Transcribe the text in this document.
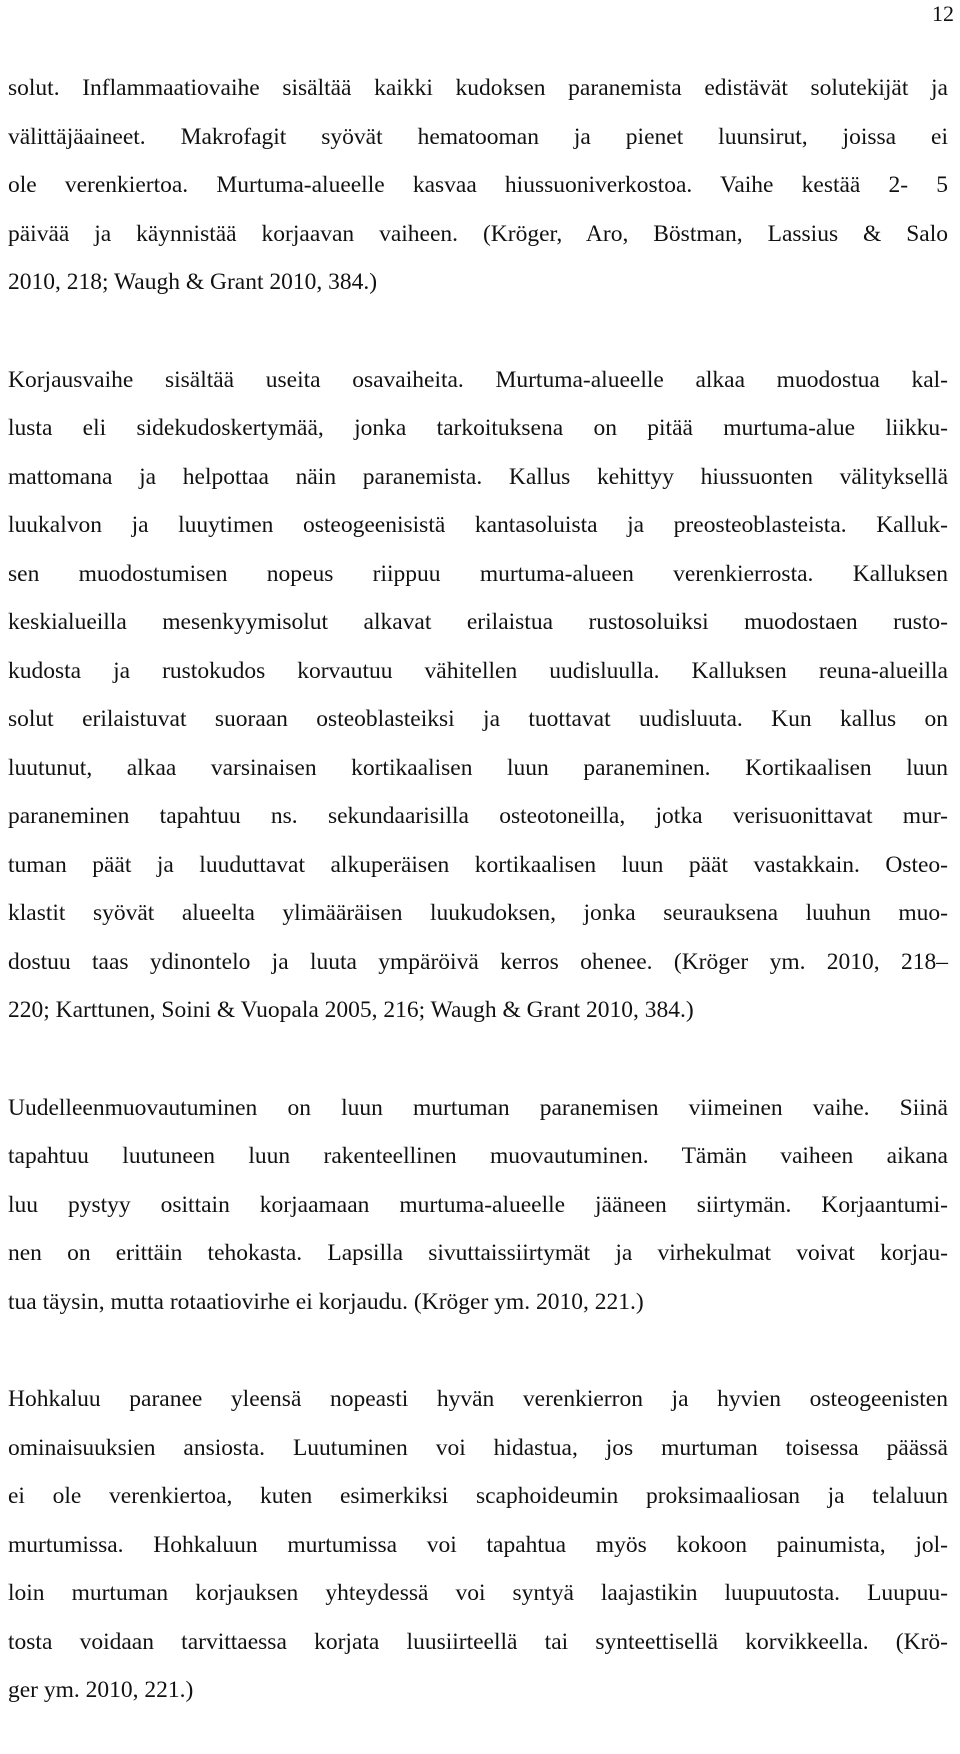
12
solut. Inflammaatiovaihe sisältää kaikki kudoksen paranemista edistävät solutekijät ja välittäjäaineet. Makrofagit syövät hematooman ja pienet luunsirut, joissa ei
ole verenkiertoa. Murtuma-alueelle kasvaa hiussuoniverkostoa. Vaihe kestää 2- 5
päivää ja käynnistää korjaavan vaiheen. (Kröger, Aro, Böstman, Lassius & Salo
2010, 218; Waugh & Grant 2010, 384.)
Korjausvaihe sisältää useita osavaiheita. Murtuma-alueelle alkaa muodostua kal-
lusta eli sidekudoskertymää, jonka tarkoituksena on pitää murtuma-alue liikku-
mattomana ja helpottaa näin paranemista. Kallus kehittyy hiussuonten välityksellä
luukalvon ja luuytimen osteogeenisistä kantasoluista ja preosteoblasteista. Kalluk-
sen muodostumisen nopeus riippuu murtuma-alueen verenkierrosta. Kalluksen
keskialueilla mesenkyymisolut alkavat erilaistua rustosoluiksi muodostaen rusto-
kudosta ja rustokudos korvautuu vähitellen uudisluulla. Kalluksen reuna-alueilla
solut erilaistuvat suoraan osteoblasteiksi ja tuottavat uudisluuta. Kun kallus on
luutunut, alkaa varsinaisen kortikaalisen luun paraneminen. Kortikaalisen luun
paraneminen tapahtuu ns. sekundaarisilla osteotoneilla, jotka verisuonittavat mur-
tuman päät ja luuduttavat alkuperäisen kortikaalisen luun päät vastakkain. Osteo-
klastit syövät alueelta ylimääräisen luukudoksen, jonka seurauksena luuhun muo-
dostuu taas ydinontelo ja luuta ympäröivä kerros ohenee. (Kröger ym. 2010, 218–
220; Karttunen, Soini & Vuopala 2005, 216; Waugh & Grant 2010, 384.)
Uudelleenmuovautuminen on luun murtuman paranemisen viimeinen vaihe. Siinä
tapahtuu luutuneen luun rakenteellinen muovautuminen. Tämän vaiheen aikana
luu pystyy osittain korjaamaan murtuma-alueelle jääneen siirtymän. Korjaantumi-
nen on erittäin tehokasta. Lapsilla sivuttaissiirtymät ja virhekulmat voivat korjau-
tua täysin, mutta rotaatiovirhe ei korjaudu. (Kröger ym. 2010, 221.)
Hohkaluu paranee yleensä nopeasti hyvän verenkierron ja hyvien osteogeenisten
ominaisuuksien ansiosta. Luutuminen voi hidastua, jos murtuman toisessa päässä
ei ole verenkiertoa, kuten esimerkiksi scaphoideumin proksimaaliosan ja telaluun
murtumissa. Hohkaluun murtumissa voi tapahtua myös kokoon painumista, jol-
loin murtuman korjauksen yhteydessä voi syntyä laajastikin luupuutosta. Luupuu-
tosta voidaan tarvittaessa korjata luusiirteellä tai synteettisellä korvikkeella. (Krö-
ger ym. 2010, 221.)
